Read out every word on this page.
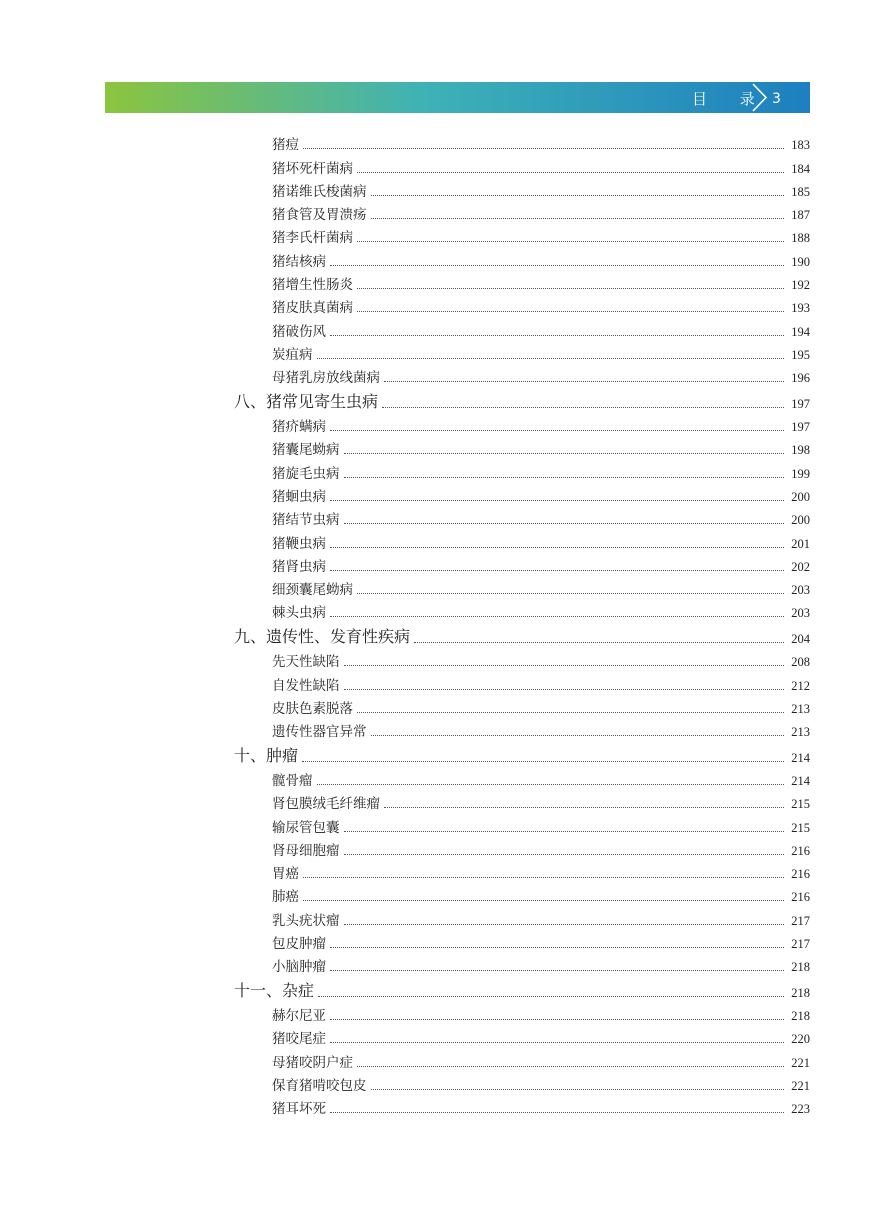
目 录 3
猪痘	183
猪坏死杆菌病	184
猪诺维氏梭菌病	185
猪食管及胃溃疡	187
猪李氏杆菌病	188
猪结核病	190
猪增生性肠炎	192
猪皮肤真菌病	193
猪破伤风	194
炭疽病	195
母猪乳房放线菌病	196
八、猪常见寄生虫病	197
猪疥螨病	197
猪囊尾蚴病	198
猪旋毛虫病	199
猪蛔虫病	200
猪结节虫病	200
猪鞭虫病	201
猪肾虫病	202
细颈囊尾蚴病	203
棘头虫病	203
九、遗传性、发育性疾病	204
先天性缺陷	208
自发性缺陷	212
皮肤色素脱落	213
遗传性器官异常	213
十、肿瘤	214
髋骨瘤	214
肾包膜绒毛纤维瘤	215
输尿管包囊	215
肾母细胞瘤	216
胃癌	216
肺癌	216
乳头疣状瘤	217
包皮肿瘤	217
小脑肿瘤	218
十一、杂症	218
赫尔尼亚	218
猪咬尾症	220
母猪咬阴户症	221
保育猪啃咬包皮	221
猪耳坏死	223
